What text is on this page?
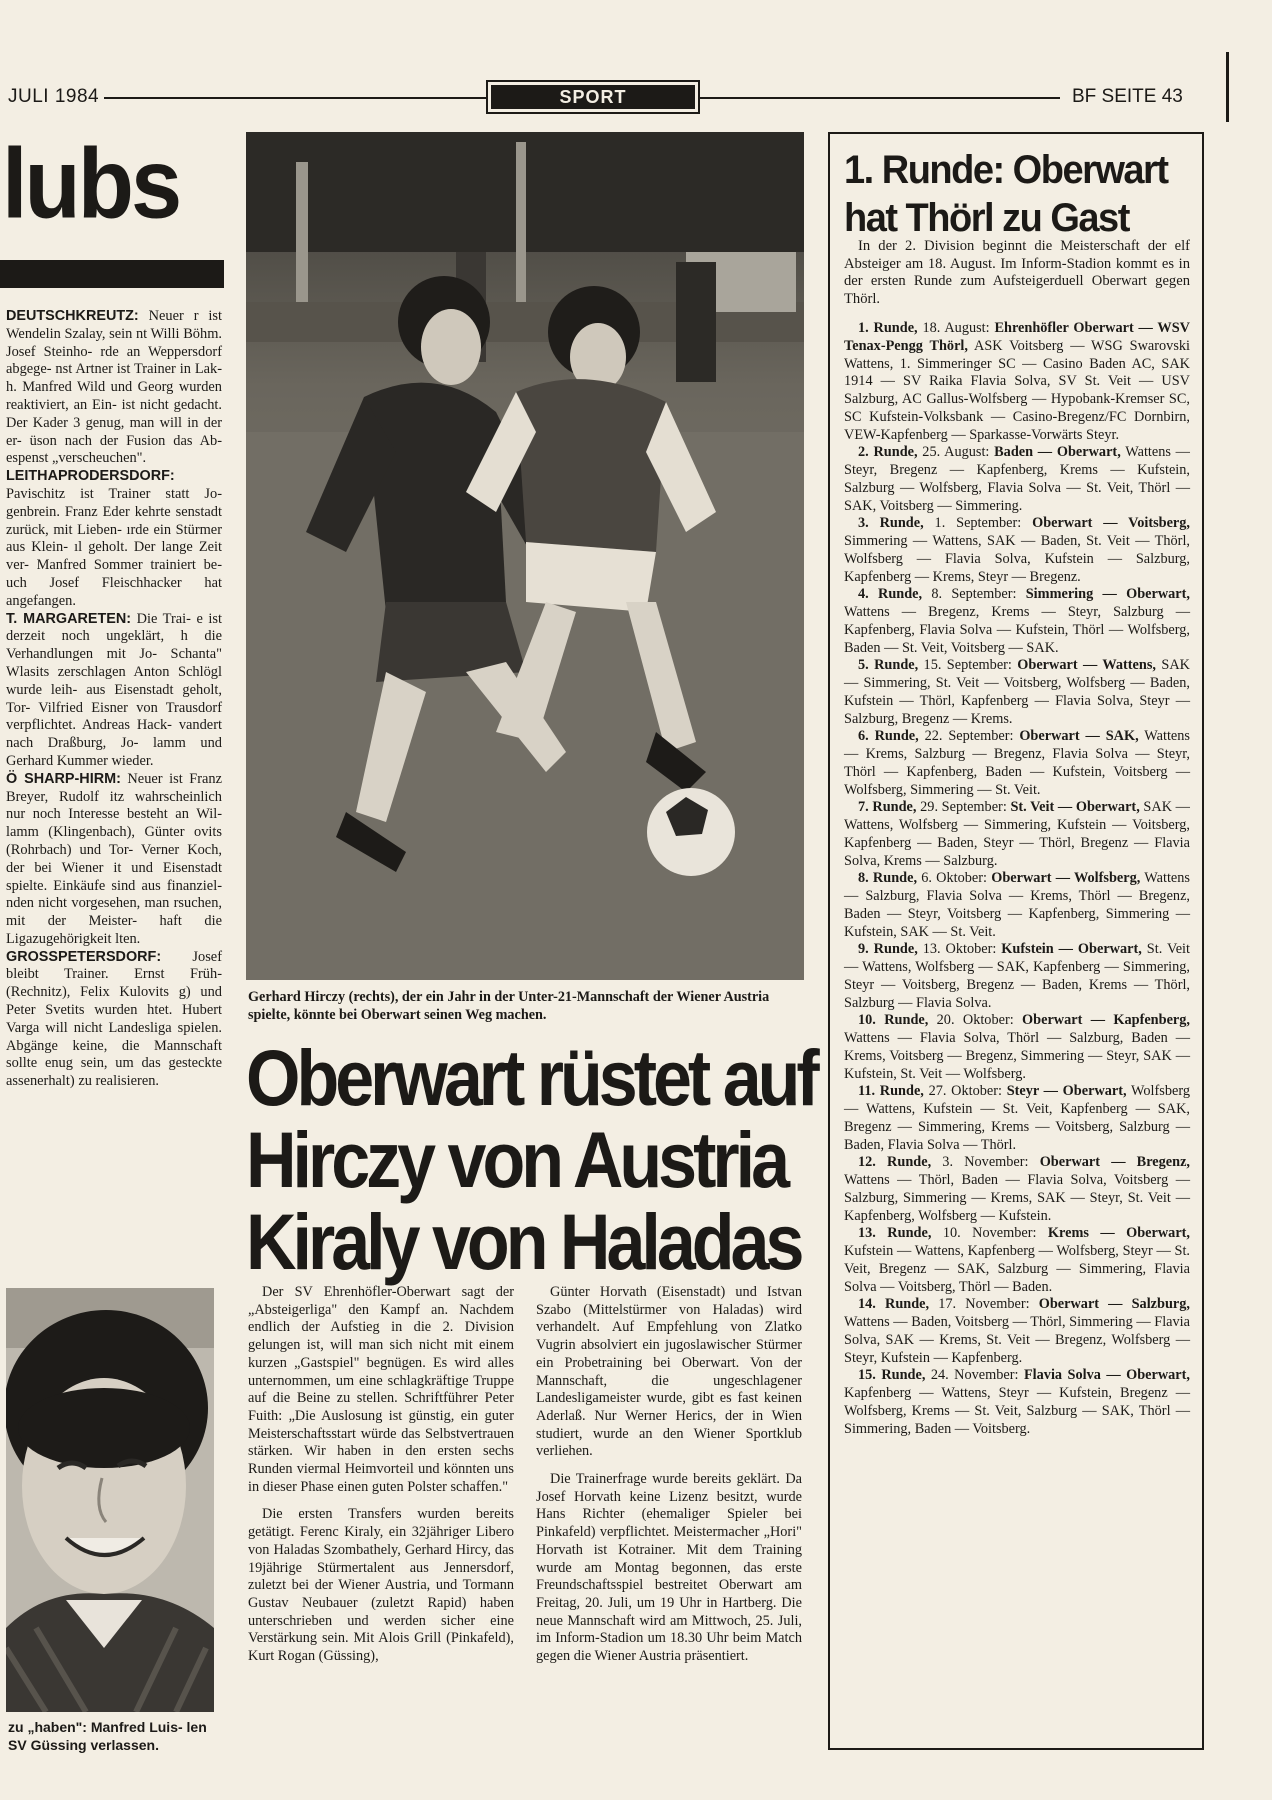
JULI 1984	SPORT	BF SEITE 43
lubs

DEUTSCHKREUTZ: Neuer r ist Wendelin Szalay, sein nt Willi Böhm. Josef Steinho- rde an Weppersdorf abgege- nst Artner ist Trainer in Lak- h. Manfred Wild und Georg wurden reaktiviert, an Ein- ist nicht gedacht. Der Kader 3 genug, man will in der er- üson nach der Fusion das Ab- espenst „verscheuchen".

LEITHAPRODERSDORF: Pavischitz ist Trainer statt Jo- genbrein. Franz Eder kehrte senstadt zurück, mit Lieben- ırde ein Stürmer aus Klein- ıl geholt. Der lange Zeit ver- Manfred Sommer trainiert be- uch Josef Fleischhacker hat angefangen.

T. MARGARETEN: Die Trai- e ist derzeit noch ungeklärt, h die Verhandlungen mit Jo- Schanta" Wlasits zerschlagen Anton Schlögl wurde leih- aus Eisenstadt geholt, Tor- Vilfried Eisner von Trausdorf verpflichtet. Andreas Hack- vandert nach Draßburg, Jo- lamm und Gerhard Kummer wieder.

Ö SHARP-HIRM: Neuer ist Franz Breyer, Rudolf itz wahrscheinlich nur noch Interesse besteht an Wil- lamm (Klingenbach), Günter ovits (Rohrbach) und Tor- Verner Koch, der bei Wiener it und Eisenstadt spielte. Einkäufe sind aus finanziel- nden nicht vorgesehen, man rsuchen, mit der Meister- haft die Ligazugehörigkeit lten.

GROSSPETERSDORF: Josef bleibt Trainer. Ernst Früh- (Rechnitz), Felix Kulovits g) und Peter Svetits wurden htet. Hubert Varga will nicht Landesliga spielen. Abgänge keine, die Mannschaft sollte enug sein, um das gesteckte assenerhalt) zu realisieren.

zu „haben": Manfred Luis- len SV Güssing verlassen.
Gerhard Hirczy (rechts), der ein Jahr in der Unter-21-Mannschaft der Wiener Austria spielte, könnte bei Oberwart seinen Weg machen.
Oberwart rüstet auf
Hirczy von Austria
Kiraly von Haladas

Der SV Ehrenhöfler-Oberwart sagt der „Absteigerliga" den Kampf an. Nachdem endlich der Aufstieg in die 2. Division gelungen ist, will man sich nicht mit einem kurzen „Gastspiel" begnügen. Es wird alles unternommen, um eine schlagkräftige Truppe auf die Beine zu stellen. Schriftführer Peter Fuith: „Die Auslosung ist günstig, ein guter Meisterschaftsstart würde das Selbstvertrauen stärken. Wir haben in den ersten sechs Runden viermal Heimvorteil und könnten uns in dieser Phase einen guten Polster schaffen."

Die ersten Transfers wurden bereits getätigt. Ferenc Kiraly, ein 32jähriger Libero von Haladas Szombathely, Gerhard Hircy, das 19jährige Stürmertalent aus Jennersdorf, zuletzt bei der Wiener Austria, und Tormann Gustav Neubauer (zuletzt Rapid) haben unterschrieben und werden sicher eine Verstärkung sein. Mit Alois Grill (Pinkafeld), Kurt Rogan (Güssing),

Günter Horvath (Eisenstadt) und Istvan Szabo (Mittelstürmer von Haladas) wird verhandelt. Auf Empfehlung von Zlatko Vugrin absolviert ein jugoslawischer Stürmer ein Probetraining bei Oberwart. Von der Mannschaft, die ungeschlagener Landesligameister wurde, gibt es fast keinen Aderlaß. Nur Werner Herics, der in Wien studiert, wurde an den Wiener Sportklub verliehen.

Die Trainerfrage wurde bereits geklärt. Da Josef Horvath keine Lizenz besitzt, wurde Hans Richter (ehemaliger Spieler bei Pinkafeld) verpflichtet. Meistermacher „Hori" Horvath ist Kotrainer. Mit dem Training wurde am Montag begonnen, das erste Freundschaftsspiel bestreitet Oberwart am Freitag, 20. Juli, um 19 Uhr in Hartberg. Die neue Mannschaft wird am Mittwoch, 25. Juli, im Inform-Stadion um 18.30 Uhr beim Match gegen die Wiener Austria präsentiert.

1. Runde: Oberwart hat Thörl zu Gast
In der 2. Division beginnt die Meisterschaft der elf Absteiger am 18. August. Im Inform-Stadion kommt es in der ersten Runde zum Aufsteigerduell Oberwart gegen Thörl.

1. Runde, 18. August: Ehrenhöfler Oberwart — WSV Tenax-Pengg Thörl, ASK Voitsberg — WSG Swarovski Wattens, 1. Simmeringer SC — Casino Baden AC, SAK 1914 — SV Raika Flavia Solva, SV St. Veit — USV Salzburg, AC Gallus-Wolfsberg — Hypobank-Kremser SC, SC Kufstein-Volksbank — Casino-Bregenz/FC Dornbirn, VEW-Kapfenberg — Sparkasse-Vorwärts Steyr.

2. Runde, 25. August: Baden — Oberwart, Wattens — Steyr, Bregenz — Kapfenberg, Krems — Kufstein, Salzburg — Wolfsberg, Flavia Solva — St. Veit, Thörl — SAK, Voitsberg — Simmering.

3. Runde, 1. September: Oberwart — Voitsberg, Simmering — Wattens, SAK — Baden, St. Veit — Thörl, Wolfsberg — Flavia Solva, Kufstein — Salzburg, Kapfenberg — Krems, Steyr — Bregenz.

4. Runde, 8. September: Simmering — Oberwart, Wattens — Bregenz, Krems — Steyr, Salzburg — Kapfenberg, Flavia Solva — Kufstein, Thörl — Wolfsberg, Baden — St. Veit, Voitsberg — SAK.

5. Runde, 15. September: Oberwart — Wattens, SAK — Simmering, St. Veit — Voitsberg, Wolfsberg — Baden, Kufstein — Thörl, Kapfenberg — Flavia Solva, Steyr — Salzburg, Bregenz — Krems.

6. Runde, 22. September: Oberwart — SAK, Wattens — Krems, Salzburg — Bregenz, Flavia Solva — Steyr, Thörl — Kapfenberg, Baden — Kufstein, Voitsberg — Wolfsberg, Simmering — St. Veit.

7. Runde, 29. September: St. Veit — Oberwart, SAK — Wattens, Wolfsberg — Simmering, Kufstein — Voitsberg, Kapfenberg — Baden, Steyr — Thörl, Bregenz — Flavia Solva, Krems — Salzburg.

8. Runde, 6. Oktober: Oberwart — Wolfsberg, Wattens — Salzburg, Flavia Solva — Krems, Thörl — Bregenz, Baden — Steyr, Voitsberg — Kapfenberg, Simmering — Kufstein, SAK — St. Veit.

9. Runde, 13. Oktober: Kufstein — Oberwart, St. Veit — Wattens, Wolfsberg — SAK, Kapfenberg — Simmering, Steyr — Voitsberg, Bregenz — Baden, Krems — Thörl, Salzburg — Flavia Solva.

10. Runde, 20. Oktober: Oberwart — Kapfenberg, Wattens — Flavia Solva, Thörl — Salzburg, Baden — Krems, Voitsberg — Bregenz, Simmering — Steyr, SAK — Kufstein, St. Veit — Wolfsberg.

11. Runde, 27. Oktober: Steyr — Oberwart, Wolfsberg — Wattens, Kufstein — St. Veit, Kapfenberg — SAK, Bregenz — Simmering, Krems — Voitsberg, Salzburg — Baden, Flavia Solva — Thörl.

12. Runde, 3. November: Oberwart — Bregenz, Wattens — Thörl, Baden — Flavia Solva, Voitsberg — Salzburg, Simmering — Krems, SAK — Steyr, St. Veit — Kapfenberg, Wolfsberg — Kufstein.

13. Runde, 10. November: Krems — Oberwart, Kufstein — Wattens, Kapfenberg — Wolfsberg, Steyr — St. Veit, Bregenz — SAK, Salzburg — Simmering, Flavia Solva — Voitsberg, Thörl — Baden.

14. Runde, 17. November: Oberwart — Salzburg, Wattens — Baden, Voitsberg — Thörl, Simmering — Flavia Solva, SAK — Krems, St. Veit — Bregenz, Wolfsberg — Steyr, Kufstein — Kapfenberg.

15. Runde, 24. November: Flavia Solva — Oberwart, Kapfenberg — Wattens, Steyr — Kufstein, Bregenz — Wolfsberg, Krems — St. Veit, Salzburg — SAK, Thörl — Simmering, Baden — Voitsberg.
